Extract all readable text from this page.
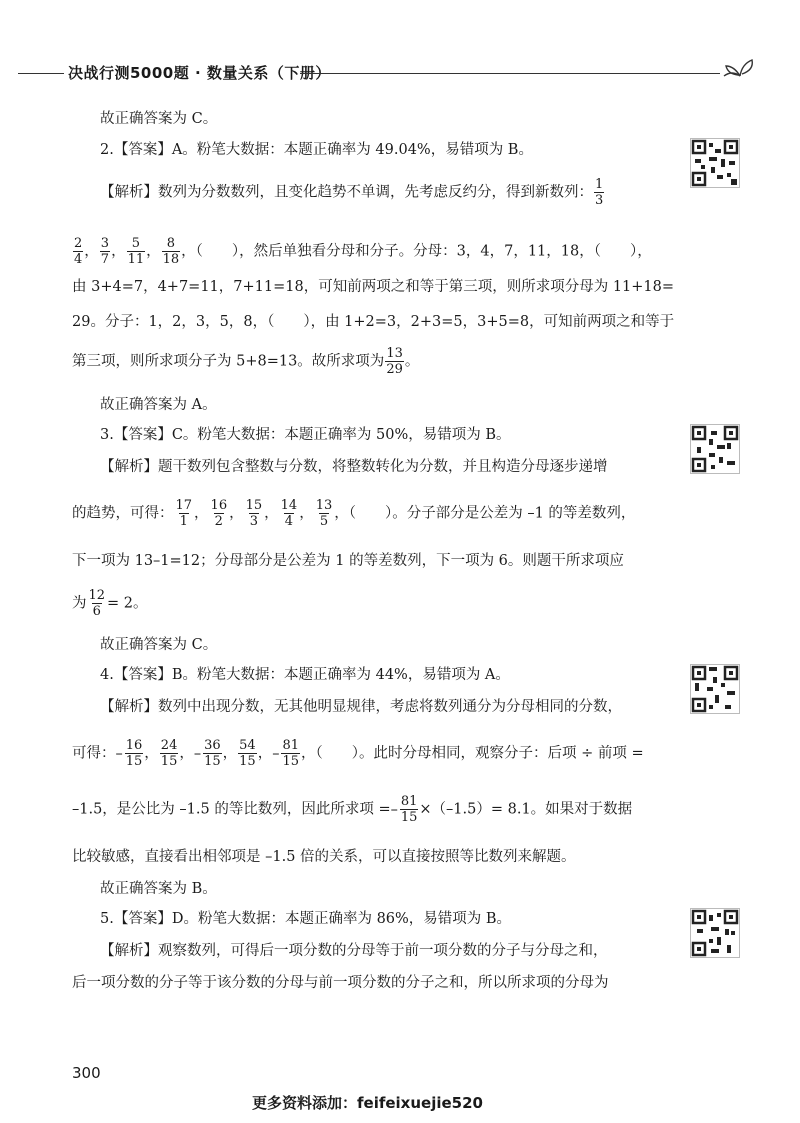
决战行测5000题 · 数量关系（下册）
故正确答案为 C。
2.【答案】A。粉笔大数据：本题正确率为 49.04%，易错项为 B。
【解析】数列为分数数列，且变化趋势不单调，先考虑反约分，得到新数列： $\frac{1}{3}$
$\frac{2}{4}$ ， $\frac{3}{7}$ ， $\frac{5}{11}$ ， $\frac{8}{18}$ ，（　　），然后单独看分母和分子。分母：3，4，7，11，18，（　　），
由 3+4=7，4+7=11，7+11=18，可知前两项之和等于第三项，则所求项分母为 11+18=
29。分子：1，2，3，5，8，（　　），由 1+2=3，2+3=5，3+5=8，可知前两项之和等于
第三项，则所求项分子为 5+8=13。故所求项为 $\frac{13}{29}$ 。
故正确答案为 A。
3.【答案】C。粉笔大数据：本题正确率为 50%，易错项为 B。
【解析】题干数列包含整数与分数，将整数转化为分数，并且构造分母逐步递增
的趋势，可得： $\frac{17}{1}$ ， $\frac{16}{2}$ ， $\frac{15}{3}$ ， $\frac{14}{4}$ ， $\frac{13}{5}$ ，（　　）。分子部分是公差为 –1 的等差数列，
下一项为 13–1=12；分母部分是公差为 1 的等差数列，下一项为 6。则题干所求项应
为 $\frac{12}{6} = 2$。
故正确答案为 C。
4.【答案】B。粉笔大数据：本题正确率为 44%，易错项为 A。
【解析】数列中出现分数，无其他明显规律，考虑将数列通分为分母相同的分数，
可得：– $\frac{16}{15}$ ， $\frac{24}{15}$ ，– $\frac{36}{15}$ ， $\frac{54}{15}$ ，– $\frac{81}{15}$ ，（　　）。此时分母相同，观察分子：后项 ÷ 前项 =
–1.5，是公比为 –1.5 的等比数列，因此所求项 =– $\frac{81}{15} \times(-1.5)= 8.1$。如果对于数据
比较敏感，直接看出相邻项是 –1.5 倍的关系，可以直接按照等比数列来解题。
故正确答案为 B。
5.【答案】D。粉笔大数据：本题正确率为 86%，易错项为 B。
【解析】观察数列，可得后一项分数的分母等于前一项分数的分子与分母之和，
后一项分数的分子等于该分数的分母与前一项分数的分子之和，所以所求项的分母为
300
更多资料添加：feifeixuejie520
